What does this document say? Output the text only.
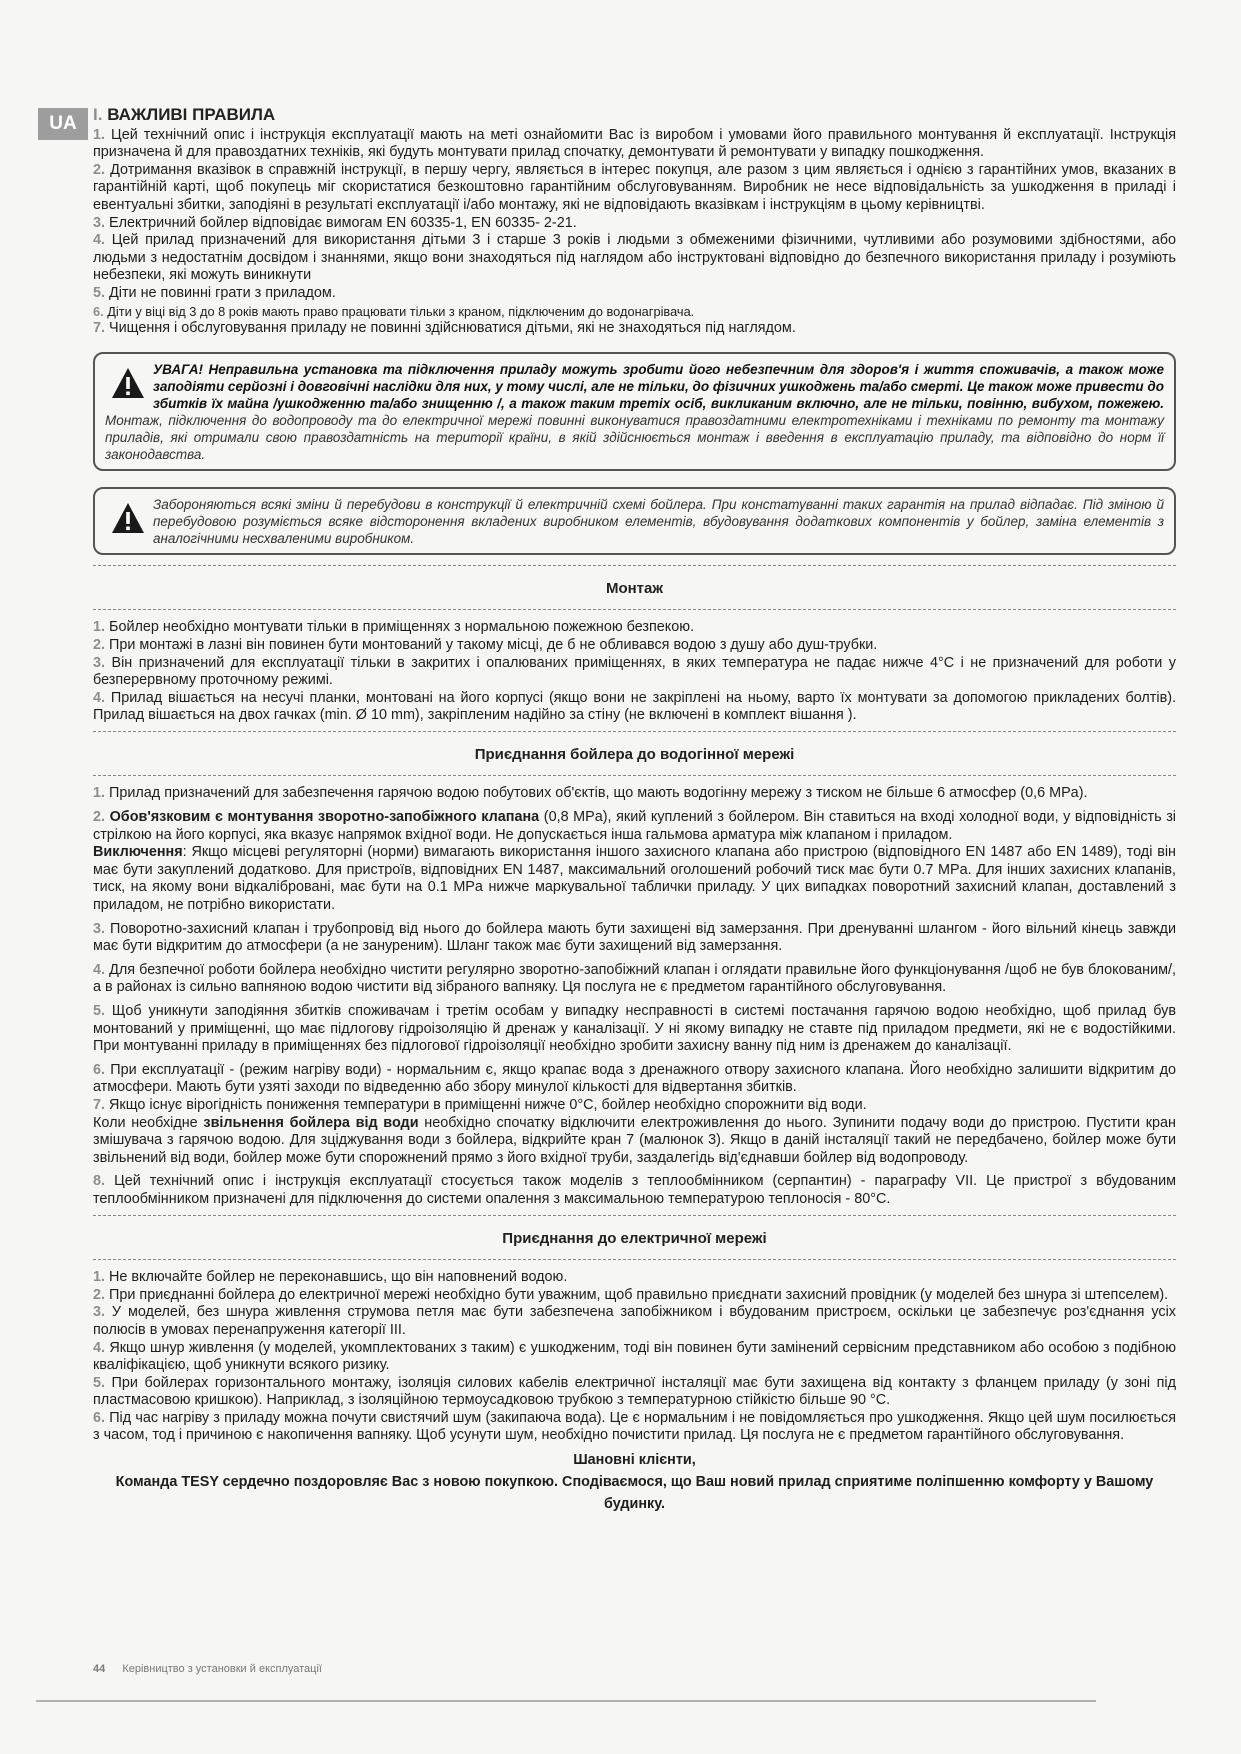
UA I. ВАЖЛИВІ ПРАВИЛА

1. Цей технічний опис і інструкція експлуатації мають на меті ознайомити Вас із виробом і умовами його правильного монтування й експлуатації. Інструкція призначена й для правоздатних техніків, які будуть монтувати прилад спочатку, демонтувати й ремонтувати у випадку пошкодження.

2. Дотримання вказівок в справжній інструкції, в першу чергу, являється в інтерес покупця, але разом з цим являється і однією з гарантійних умов, вказаних в гарантійній карті, щоб покупець міг скористатися безкоштовно гарантійним обслуговуванням. Виробник не несе відповідальність за ушкодження в приладі і евентуальні збитки, заподіяні в результаті експлуатації і/або монтажу, які не відповідають вказівкам і інструкціям в цьому керівництві.

3. Електричний бойлер відповідає вимогам EN 60335-1, EN 60335- 2-21.

4. Цей прилад призначений для використання дітьми 3 і старше 3 років і людьми з обмеженими фізичними, чутливими або розумовими здібностями, або людьми з недостатнім досвідом і знаннями, якщо вони знаходяться під наглядом або інструктовані відповідно до безпечного використання приладу і розуміють небезпеки, які можуть виникнути

5. Діти не повинні грати з приладом.

6. Діти у віці від 3 до 8 років мають право працювати тільки з краном, підключеним до водонагрівача.

7. Чищення і обслуговування приладу не повинні здійснюватися дітьми, які не знаходяться під наглядом.

УВАГА! Неправильна установка та підключення приладу можуть зробити його небезпечним для здоров'я і життя споживачів, а також може заподіяти серйозні і довговічні наслідки для них, у тому числі, але не тільки, до фізичних ушкоджень та/або смерті. Це також може привести до збитків їх майна /ушкодженню та/або знищенню /, а також таким третіх осіб, викликаним включно, але не тільки, повінню, вибухом, пожежею. Монтаж, підключення до водопроводу та до електричної мережі повинні виконуватися правоздатними електротехніками і техніками по ремонту та монтажу приладів, які отримали свою правоздатність на території країни, в якій здійснюється монтаж і введення в експлуатацію приладу, та відповідно до норм її законодавства.
Забороняються всякі зміни й перебудови в конструкції й електричній схемі бойлера. При констатуванні таких гарантія на прилад відпадає. Під зміною й перебудовою розуміється всяке відсторонення вкладених виробником елементів, вбудовування додаткових компонентів у бойлер, заміна елементів з аналогічними несхваленими виробником.
Монтаж

1. Бойлер необхідно монтувати тільки в приміщеннях з нормальною пожежною безпекою.

2. При монтажі в лазні він повинен бути монтований у такому місці, де б не обливався водою з душу або душ-трубки.

3. Він призначений для експлуатації тільки в закритих і опалюваних приміщеннях, в яких температура не падає нижче 4°С і не призначений для роботи у безперервному проточному режимі.

4. Прилад вішається на несучі планки, монтовані на його корпусі (якщо вони не закріплені на ньому, варто їх монтувати за допомогою прикладених болтів). Прилад вішається на двох гачках (min. Ø 10 mm), закріпленим надійно за стіну (не включені в комплект вішання ).

Приєднання бойлера до водогінної мережі

1. Прилад призначений для забезпечення гарячою водою побутових об'єктів, що мають водогінну мережу з тиском не більше 6 атмосфер (0,6 MPa).

2. Обов'язковим є монтування зворотно-запобіжного клапана (0,8 MPa), який куплений з бойлером. Він ставиться на вході холодної води, у відповідність зі стрілкою на його корпусі, яка вказує напрямок вхідної води. Не допускається інша гальмова арматура між клапаном і приладом.

Виключення: Якщо місцеві регуляторні (норми) вимагають використання іншого захисного клапана або пристрою (відповідного EN 1487 або EN 1489), тоді він має бути закуплений додатково. Для пристроїв, відповідних EN 1487, максимальний оголошений робочий тиск має бути 0.7 MPa. Для інших захисних клапанів, тиск, на якому вони відкалібровані, має бути на 0.1 MPa нижче маркувальної таблички приладу. У цих випадках поворотний захисний клапан, доставлений з приладом, не потрібно використати.

3. Поворотно-захисний клапан і трубопровід від нього до бойлера мають бути захищені від замерзання. При дренуванні шлангом - його вільний кінець завжди має бути відкритим до атмосфери (а не зануреним). Шланг також має бути захищений від замерзання.

4. Для безпечної роботи бойлера необхідно чистити регулярно зворотно-запобіжний клапан і оглядати правильне його функціонування /щоб не був блокованим/, а в районах із сильно вапняною водою чистити від зібраного вапняку. Ця послуга не є предметом гарантійного обслуговування.

5. Щоб уникнути заподіяння збитків споживачам і третім особам у випадку несправності в системі постачання гарячою водою необхідно, щоб прилад був монтований у приміщенні, що має підлогову гідроізоляцію й дренаж у каналізації. У ні якому випадку не ставте під приладом предмети, які не є водостійкими. При монтуванні приладу в приміщеннях без підлогової гідроізоляції необхідно зробити захисну ванну під ним із дренажем до каналізації.

6. При експлуатації - (режим нагріву води) - нормальним є, якщо крапає вода з дренажного отвору захисного клапана. Його необхідно залишити відкритим до атмосфери. Мають бути узяті заходи по відведенню або збору минулої кількості для відвертання збитків.

7. Якщо існує вірогідність пониження температури в приміщенні нижче 0°С, бойлер необхідно спорожнити від води.

Коли необхідне звільнення бойлера від води необхідно спочатку відключити електроживлення до нього. Зупинити подачу води до пристрою. Пустити кран змішувача з гарячою водою. Для зціджування води з бойлера, відкрийте кран 7 (малюнок 3). Якщо в даній інсталяції такий не передбачено, бойлер може бути звільнений від води, бойлер може бути спорожнений прямо з його вхідної труби, заздалегідь від'єднавши бойлер від водопроводу.

8. Цей технічний опис і інструкція експлуатації стосується також моделів з теплообмінником (серпантин) - параграфу VII. Це пристрої з вбудованим теплообмінником призначені для підключення до системи опалення з максимальною температурою теплоносія - 80°С.

Приєднання до електричної мережі

1. Не включайте бойлер не переконавшись, що він наповнений водою.

2. При приєднанні бойлера до електричної мережі необхідно бути уважним, щоб правильно приєднати захисний провідник (у моделей без шнура зі штепселем).

3. У моделей, без шнура живлення струмова петля має бути забезпечена запобіжником і вбудованим пристроєм, оскільки це забезпечує роз'єднання усіх полюсів в умовах перенапруження категорії III.

4. Якщо шнур живлення (у моделей, укомплектованих з таким) є ушкодженим, тоді він повинен бути замінений сервісним представником або особою з подібною кваліфікацією, щоб уникнути всякого ризику.

5. При бойлерах горизонтального монтажу, ізоляція силових кабелів електричної інсталяції має бути захищена від контакту з фланцем приладу (у зоні під пластмасовою кришкою). Наприклад, з ізоляційною термоусадковою трубкою з температурною стійкістю більше 90 °C.

6. Під час нагріву з приладу можна почути свистячий шум (закипаюча вода). Це є нормальним і не повідомляється про ушкодження. Якщо цей шум посилюється з часом, тод і причиною є накопичення вапняку. Щоб усунути шум, необхідно почистити прилад. Ця послуга не є предметом гарантійного обслуговування.

Шановні клієнти,
Команда TESY сердечно поздоровляє Вас з новою покупкою. Сподіваємося, що Ваш новий прилад сприятиме поліпшенню комфорту у Вашому будинку.
44 Керівництво з установки й експлуатації
